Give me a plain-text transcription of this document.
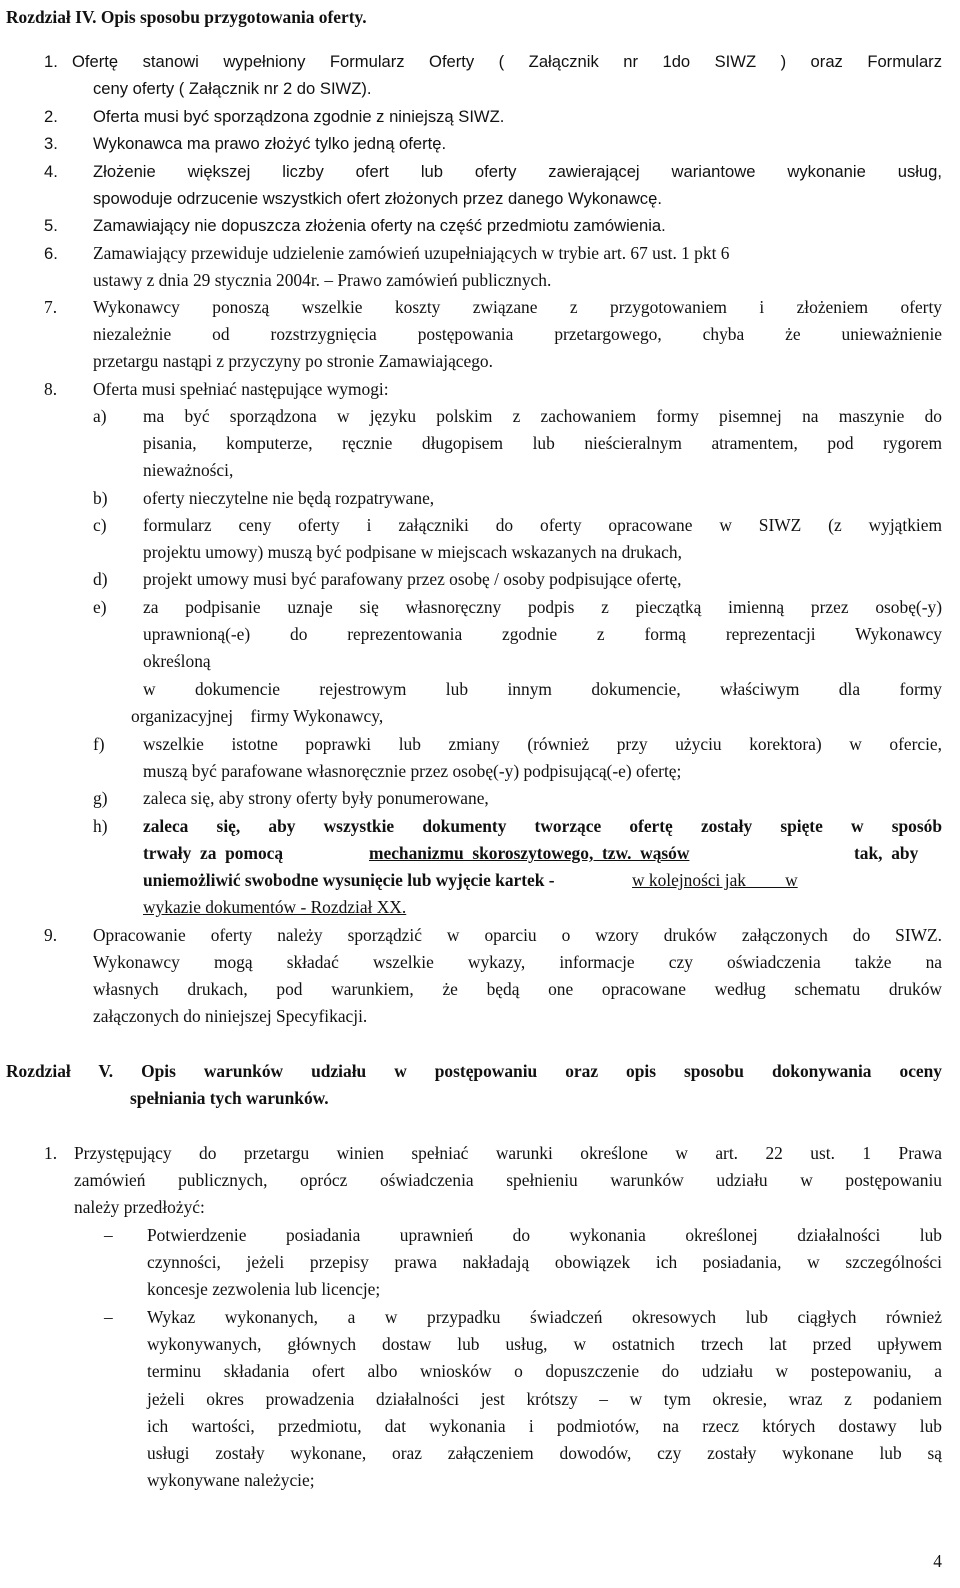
Rozdział IV. Opis sposobu przygotowania oferty.
1. Ofertę stanowi wypełniony Formularz Oferty ( Załącznik nr 1do SIWZ ) oraz Formularz
ceny oferty ( Załącznik nr 2 do SIWZ).
2. Oferta musi być sporządzona zgodnie z niniejszą SIWZ.
3. Wykonawca ma prawo złożyć tylko jedną ofertę.
4. Złożenie większej liczby ofert lub oferty zawierającej wariantowe wykonanie usług,
spowoduje odrzucenie wszystkich ofert złożonych przez danego Wykonawcę.
5. Zamawiający nie dopuszcza złożenia oferty na część przedmiotu zamówienia.
6. Zamawiający przewiduje udzielenie zamówień uzupełniających w trybie art. 67 ust. 1 pkt 6
ustawy z dnia 29 stycznia 2004r. – Prawo zamówień publicznych.
7. Wykonawcy ponoszą wszelkie koszty związane z przygotowaniem i złożeniem oferty
niezależnie od rozstrzygnięcia postępowania przetargowego, chyba że unieważnienie
przetargu nastąpi z przyczyny po stronie Zamawiającego.
8. Oferta musi spełniać następujące wymogi:
a) ma być sporządzona w języku polskim z zachowaniem formy pisemnej na maszynie do
pisania, komputerze, ręcznie długopisem lub nieścieralnym atramentem, pod rygorem
nieważności,
b) oferty nieczytelne nie będą rozpatrywane,
c) formularz ceny oferty i załączniki do oferty opracowane w SIWZ (z wyjątkiem
projektu umowy) muszą być podpisane w miejscach wskazanych na drukach,
d) projekt umowy musi być parafowany przez osobę / osoby podpisujące ofertę,
e) za podpisanie uznaje się własnoręczny podpis z pieczątką imienną przez osobę(-y)
uprawnioną(-e) do reprezentowania zgodnie z formą reprezentacji Wykonawcy
określoną
w dokumencie rejestrowym lub innym dokumencie, właściwym dla formy
organizacyjnej    firmy Wykonawcy,
f) wszelkie istotne poprawki lub zmiany (również przy użyciu korektora) w ofercie,
muszą być parafowane własnoręcznie przez osobę(-y) podpisującą(-e) ofertę;
g) zaleca się, aby strony oferty były ponumerowane,
h) zaleca się, aby wszystkie dokumenty tworzące ofertę zostały spięte w sposób
trwały  za  pomocą	mechanizmu  skoroszytowego,  tzw.  wąsów	tak,  aby
uniemożliwić swobodne wysunięcie lub wyjęcie kartek -	w kolejności jak         w
wykazie dokumentów - Rozdział XX.
9. Opracowanie oferty należy sporządzić w oparciu o wzory druków załączonych do SIWZ.
Wykonawcy mogą składać wszelkie wykazy, informacje czy oświadczenia także na
własnych drukach, pod warunkiem, że będą one opracowane według schematu druków
załączonych do niniejszej Specyfikacji.
Rozdział V. Opis warunków udziału w postępowaniu oraz opis sposobu dokonywania oceny
spełniania tych warunków.
1. Przystępujący do przetargu winien spełniać warunki określone w art. 22 ust. 1 Prawa
zamówień publicznych, oprócz oświadczenia spełnieniu warunków udziału w postępowaniu
należy przedłożyć:
– Potwierdzenie posiadania uprawnień do wykonania określonej działalności lub
czynności, jeżeli przepisy prawa nakładają obowiązek ich posiadania, w szczególności
koncesje zezwolenia lub licencje;
– Wykaz wykonanych, a w przypadku świadczeń okresowych lub ciągłych również
wykonywanych, głównych dostaw lub usług, w ostatnich trzech lat przed upływem
terminu składania ofert albo wniosków o dopuszczenie do udziału w postepowaniu, a
jeżeli okres prowadzenia działalności jest krótszy – w tym okresie, wraz z podaniem
ich wartości, przedmiotu, dat wykonania i podmiotów, na rzecz których dostawy lub
usługi zostały wykonane, oraz załączeniem dowodów, czy zostały wykonane lub są
wykonywane należycie;
4
